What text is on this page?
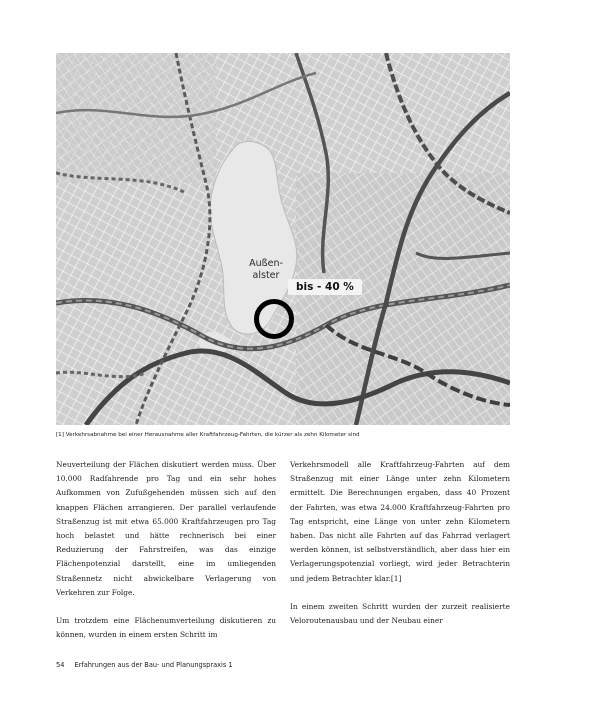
Außen-
alster
bis - 40 %
[1] Verkehrsabnahme bei einer Herausnahme aller Kraftfahrzeug-Fahrten, die kürzer als zehn Kilometer sind

Neuverteilung der Flächen diskutiert werden muss. Über 10.000 Radfahrende pro Tag und ein sehr hohes Aufkommen von Zufußgehenden müssen sich auf den knappen Flächen arrangieren. Der parallel verlaufende Straßenzug ist mit etwa 65.000 Kraftfahrzeugen pro Tag hoch belastet und hätte rechnerisch bei einer Reduzierung der Fahrstreifen, was das einzige Flächenpotenzial darstellt, eine im umliegenden Straßennetz nicht abwickelbare Verlagerung von Verkehren zur Folge.

Um trotzdem eine Flächenumverteilung diskutieren zu können, wurden in einem ersten Schritt im

Verkehrsmodell alle Kraftfahrzeug-Fahrten auf dem Straßenzug mit einer Länge unter zehn Kilometern ermittelt. Die Berechnungen ergaben, dass 40 Prozent der Fahrten, was etwa 24.000 Kraftfahrzeug-Fahrten pro Tag entspricht, eine Länge von unter zehn Kilometern haben. Das nicht alle Fahrten auf das Fahrrad verlagert werden können, ist selbstverständlich, aber dass hier ein Verlagerungspotenzial vorliegt, wird jeder Betrachterin und jedem Betrachter klar.[1]

In einem zweiten Schritt wurden der zurzeit realisierte Veloroutenausbau und der Neubau einer

54 Erfahrungen aus der Bau- und Planungspraxis 1
